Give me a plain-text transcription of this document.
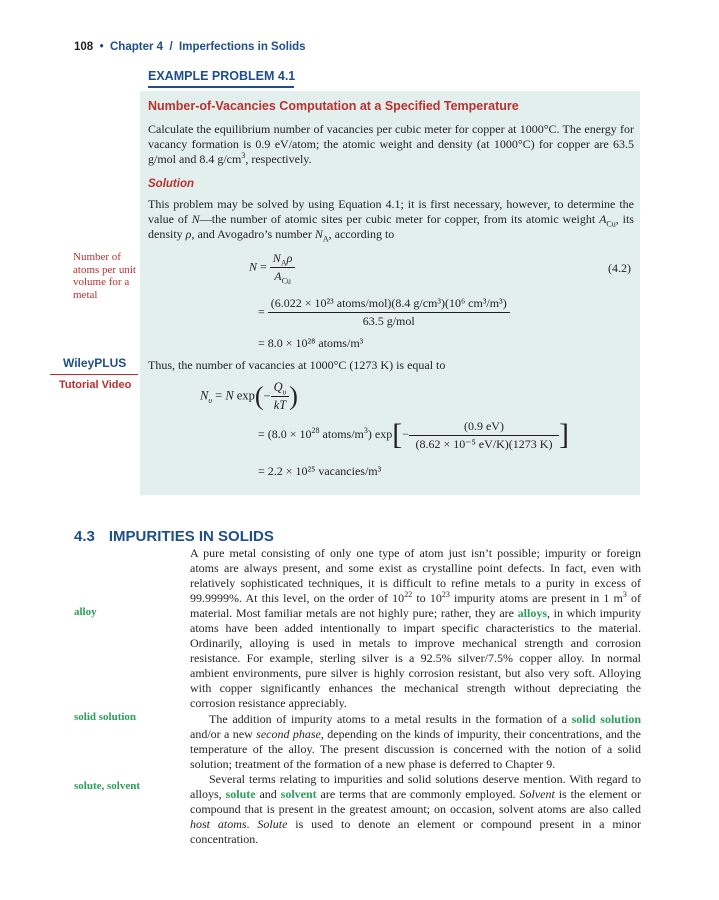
108 • Chapter 4 / Imperfections in Solids
EXAMPLE PROBLEM 4.1
Number-of-Vacancies Computation at a Specified Temperature
Calculate the equilibrium number of vacancies per cubic meter for copper at 1000°C. The energy for vacancy formation is 0.9 eV/atom; the atomic weight and density (at 1000°C) for copper are 63.5 g/mol and 8.4 $g/cm^3$, respectively.
Solution
This problem may be solved by using Equation 4.1; it is first necessary, however, to determine the value of N—the number of atomic sites per cubic meter for copper, from its atomic weight $A_{Cu}$, its density ρ, and Avogadro’s number $N_A$, according to
Number of atoms per unit volume for a metal
$N = \frac{N_A\rho}{A_{Cu}}$	(4.2)
= $\frac{\text{(6.022 × 10²³ atoms/mol)(8.4 g/cm³)(10⁶ cm³/m³)}}{\text{63.5 g/mol}}$
= 8.0 × 10²⁸ atoms/m³
WileyPLUS
Tutorial Video
Thus, the number of vacancies at 1000°C (1273 K) is equal to
$N_\upsilon = N$ $\exp(- \frac{Q_\upsilon}{kT}$ )
= ($8.0 \times 10^{28}$ atoms/$m^3$) $\exp[- \frac{(0.9 eV)}{\text{(8.62 × 10⁻⁵ eV/K)(1273 K)}}$ ]
= 2.2 × 10²⁵ vacancies/m³
4.3 IMPURITIES IN SOLIDS
alloy
solid solution
solute, solvent

A pure metal consisting of only one type of atom just isn’t possible; impurity or foreign atoms are always present, and some exist as crystalline point defects. In fact, even with relatively sophisticated techniques, it is difficult to refine metals to a purity in excess of 99.9999%. At this level, on the order of $10^{22}$ to $10^{23}$ impurity atoms are present in 1 $m^3$ of material. Most familiar metals are not highly pure; rather, they are alloys, in which impurity atoms have been added intentionally to impart specific characteristics to the material. Ordinarily, alloying is used in metals to improve mechanical strength and corrosion resistance. For example, sterling silver is a 92.5% silver/7.5% copper alloy. In normal ambient environments, pure silver is highly corrosion resistant, but also very soft. Alloying with copper significantly enhances the mechanical strength without depreciating the corrosion resistance appreciably.

The addition of impurity atoms to a metal results in the formation of a solid solution and/or a new second phase, depending on the kinds of impurity, their concentrations, and the temperature of the alloy. The present discussion is concerned with the notion of a solid solution; treatment of the formation of a new phase is deferred to Chapter 9.

Several terms relating to impurities and solid solutions deserve mention. With regard to alloys, solute and solvent are terms that are commonly employed. Solvent is the element or compound that is present in the greatest amount; on occasion, solvent atoms are also called host atoms. Solute is used to denote an element or compound present in a minor concentration.
